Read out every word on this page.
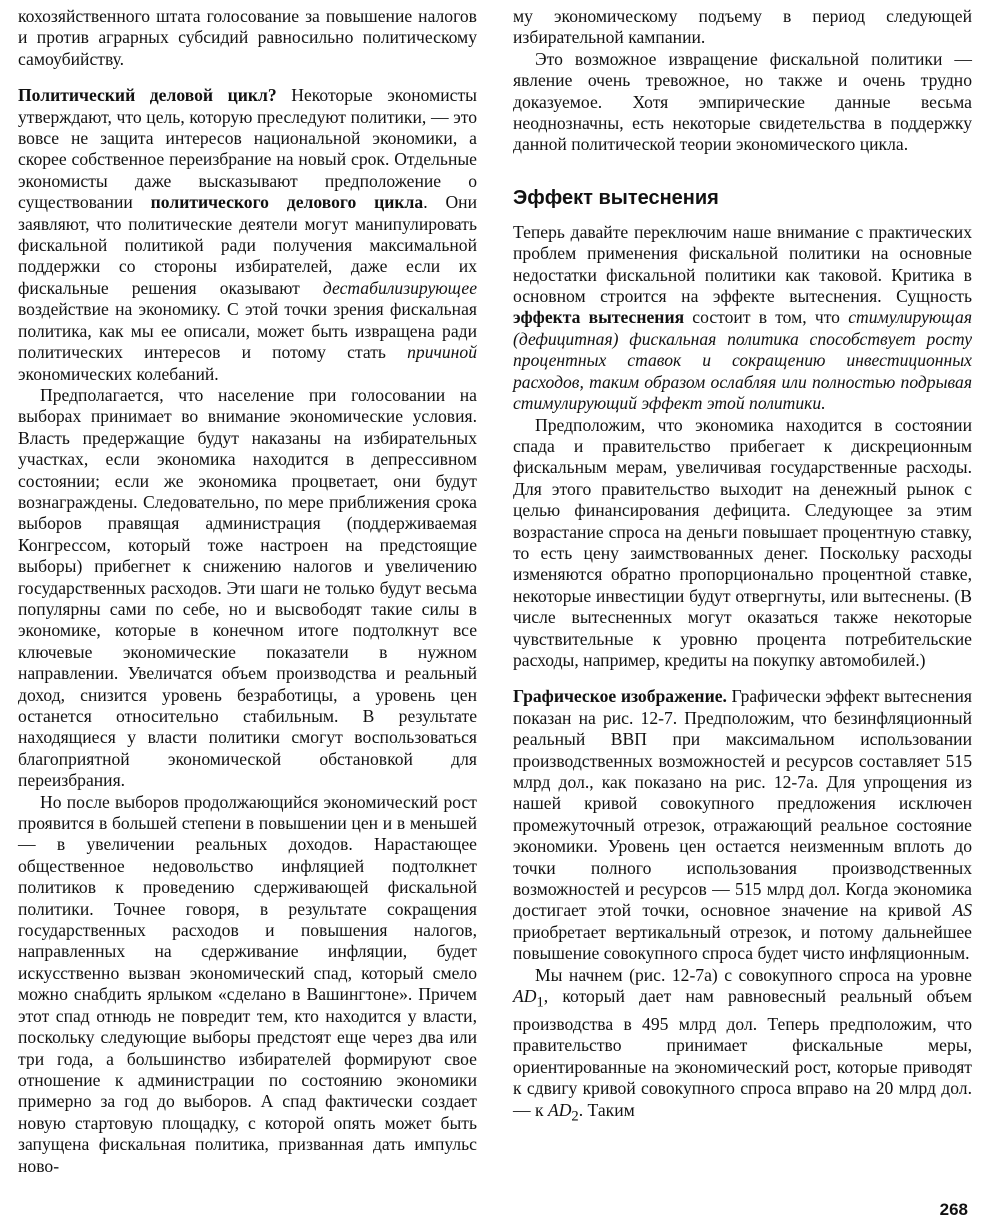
кохозяйственного штата голосование за повышение налогов и против аграрных субсидий равносильно политическому самоубийству.

Политический деловой цикл? Некоторые экономисты утверждают, что цель, которую преследуют политики, — это вовсе не защита интересов национальной экономики, а скорее собственное переизбрание на новый срок. Отдельные экономисты даже высказывают предположение о существовании политического делового цикла. Они заявляют, что политические деятели могут манипулировать фискальной политикой ради получения максимальной поддержки со стороны избирателей, даже если их фискальные решения оказывают дестабилизирующее воздействие на экономику. С этой точки зрения фискальная политика, как мы ее описали, может быть извращена ради политических интересов и потому стать причиной экономических колебаний.

Предполагается, что население при голосовании на выборах принимает во внимание экономические условия. Власть предержащие будут наказаны на избирательных участках, если экономика находится в депрессивном состоянии; если же экономика процветает, они будут вознаграждены. Следовательно, по мере приближения срока выборов правящая администрация (поддерживаемая Конгрессом, который тоже настроен на предстоящие выборы) прибегнет к снижению налогов и увеличению государственных расходов. Эти шаги не только будут весьма популярны сами по себе, но и высвободят такие силы в экономике, которые в конечном итоге подтолкнут все ключевые экономические показатели в нужном направлении. Увеличатся объем производства и реальный доход, снизится уровень безработицы, а уровень цен останется относительно стабильным. В результате находящиеся у власти политики смогут воспользоваться благоприятной экономической обстановкой для переизбрания.

Но после выборов продолжающийся экономический рост проявится в большей степени в повышении цен и в меньшей — в увеличении реальных доходов. Нарастающее общественное недовольство инфляцией подтолкнет политиков к проведению сдерживающей фискальной политики. Точнее говоря, в результате сокращения государственных расходов и повышения налогов, направленных на сдерживание инфляции, будет искусственно вызван экономический спад, который смело можно снабдить ярлыком «сделано в Вашингтоне». Причем этот спад отнюдь не повредит тем, кто находится у власти, поскольку следующие выборы предстоят еще через два или три года, а большинство избирателей формируют свое отношение к администрации по состоянию экономики примерно за год до выборов. А спад фактически создает новую стартовую площадку, с которой опять может быть запущена фискальная политика, призванная дать импульс ново-

му экономическому подъему в период следующей избирательной кампании.

Это возможное извращение фискальной политики — явление очень тревожное, но также и очень трудно доказуемое. Хотя эмпирические данные весьма неоднозначны, есть некоторые свидетельства в поддержку данной политической теории экономического цикла.

Эффект вытеснения

Теперь давайте переключим наше внимание с практических проблем применения фискальной политики на основные недостатки фискальной политики как таковой. Критика в основном строится на эффекте вытеснения. Сущность эффекта вытеснения состоит в том, что стимулирующая (дефицитная) фискальная политика способствует росту процентных ставок и сокращению инвестиционных расходов, таким образом ослабляя или полностью подрывая стимулирующий эффект этой политики.

Предположим, что экономика находится в состоянии спада и правительство прибегает к дискреционным фискальным мерам, увеличивая государственные расходы. Для этого правительство выходит на денежный рынок с целью финансирования дефицита. Следующее за этим возрастание спроса на деньги повышает процентную ставку, то есть цену заимствованных денег. Поскольку расходы изменяются обратно пропорционально процентной ставке, некоторые инвестиции будут отвергнуты, или вытеснены. (В числе вытесненных могут оказаться также некоторые чувствительные к уровню процента потребительские расходы, например, кредиты на покупку автомобилей.)

Графическое изображение. Графически эффект вытеснения показан на рис. 12-7. Предположим, что безинфляционный реальный ВВП при максимальном использовании производственных возможностей и ресурсов составляет 515 млрд дол., как показано на рис. 12-7а. Для упрощения из нашей кривой совокупного предложения исключен промежуточный отрезок, отражающий реальное состояние экономики. Уровень цен остается неизменным вплоть до точки полного использования производственных возможностей и ресурсов — 515 млрд дол. Когда экономика достигает этой точки, основное значение на кривой AS приобретает вертикальный отрезок, и потому дальнейшее повышение совокупного спроса будет чисто инфляционным.

Мы начнем (рис. 12-7а) с совокупного спроса на уровне $AD_1$, который дает нам равновесный реальный объем производства в 495 млрд дол. Теперь предположим, что правительство принимает фискальные меры, ориентированные на экономический рост, которые приводят к сдвигу кривой совокупного спроса вправо на 20 млрд дол. — к $AD_2$. Таким

268
